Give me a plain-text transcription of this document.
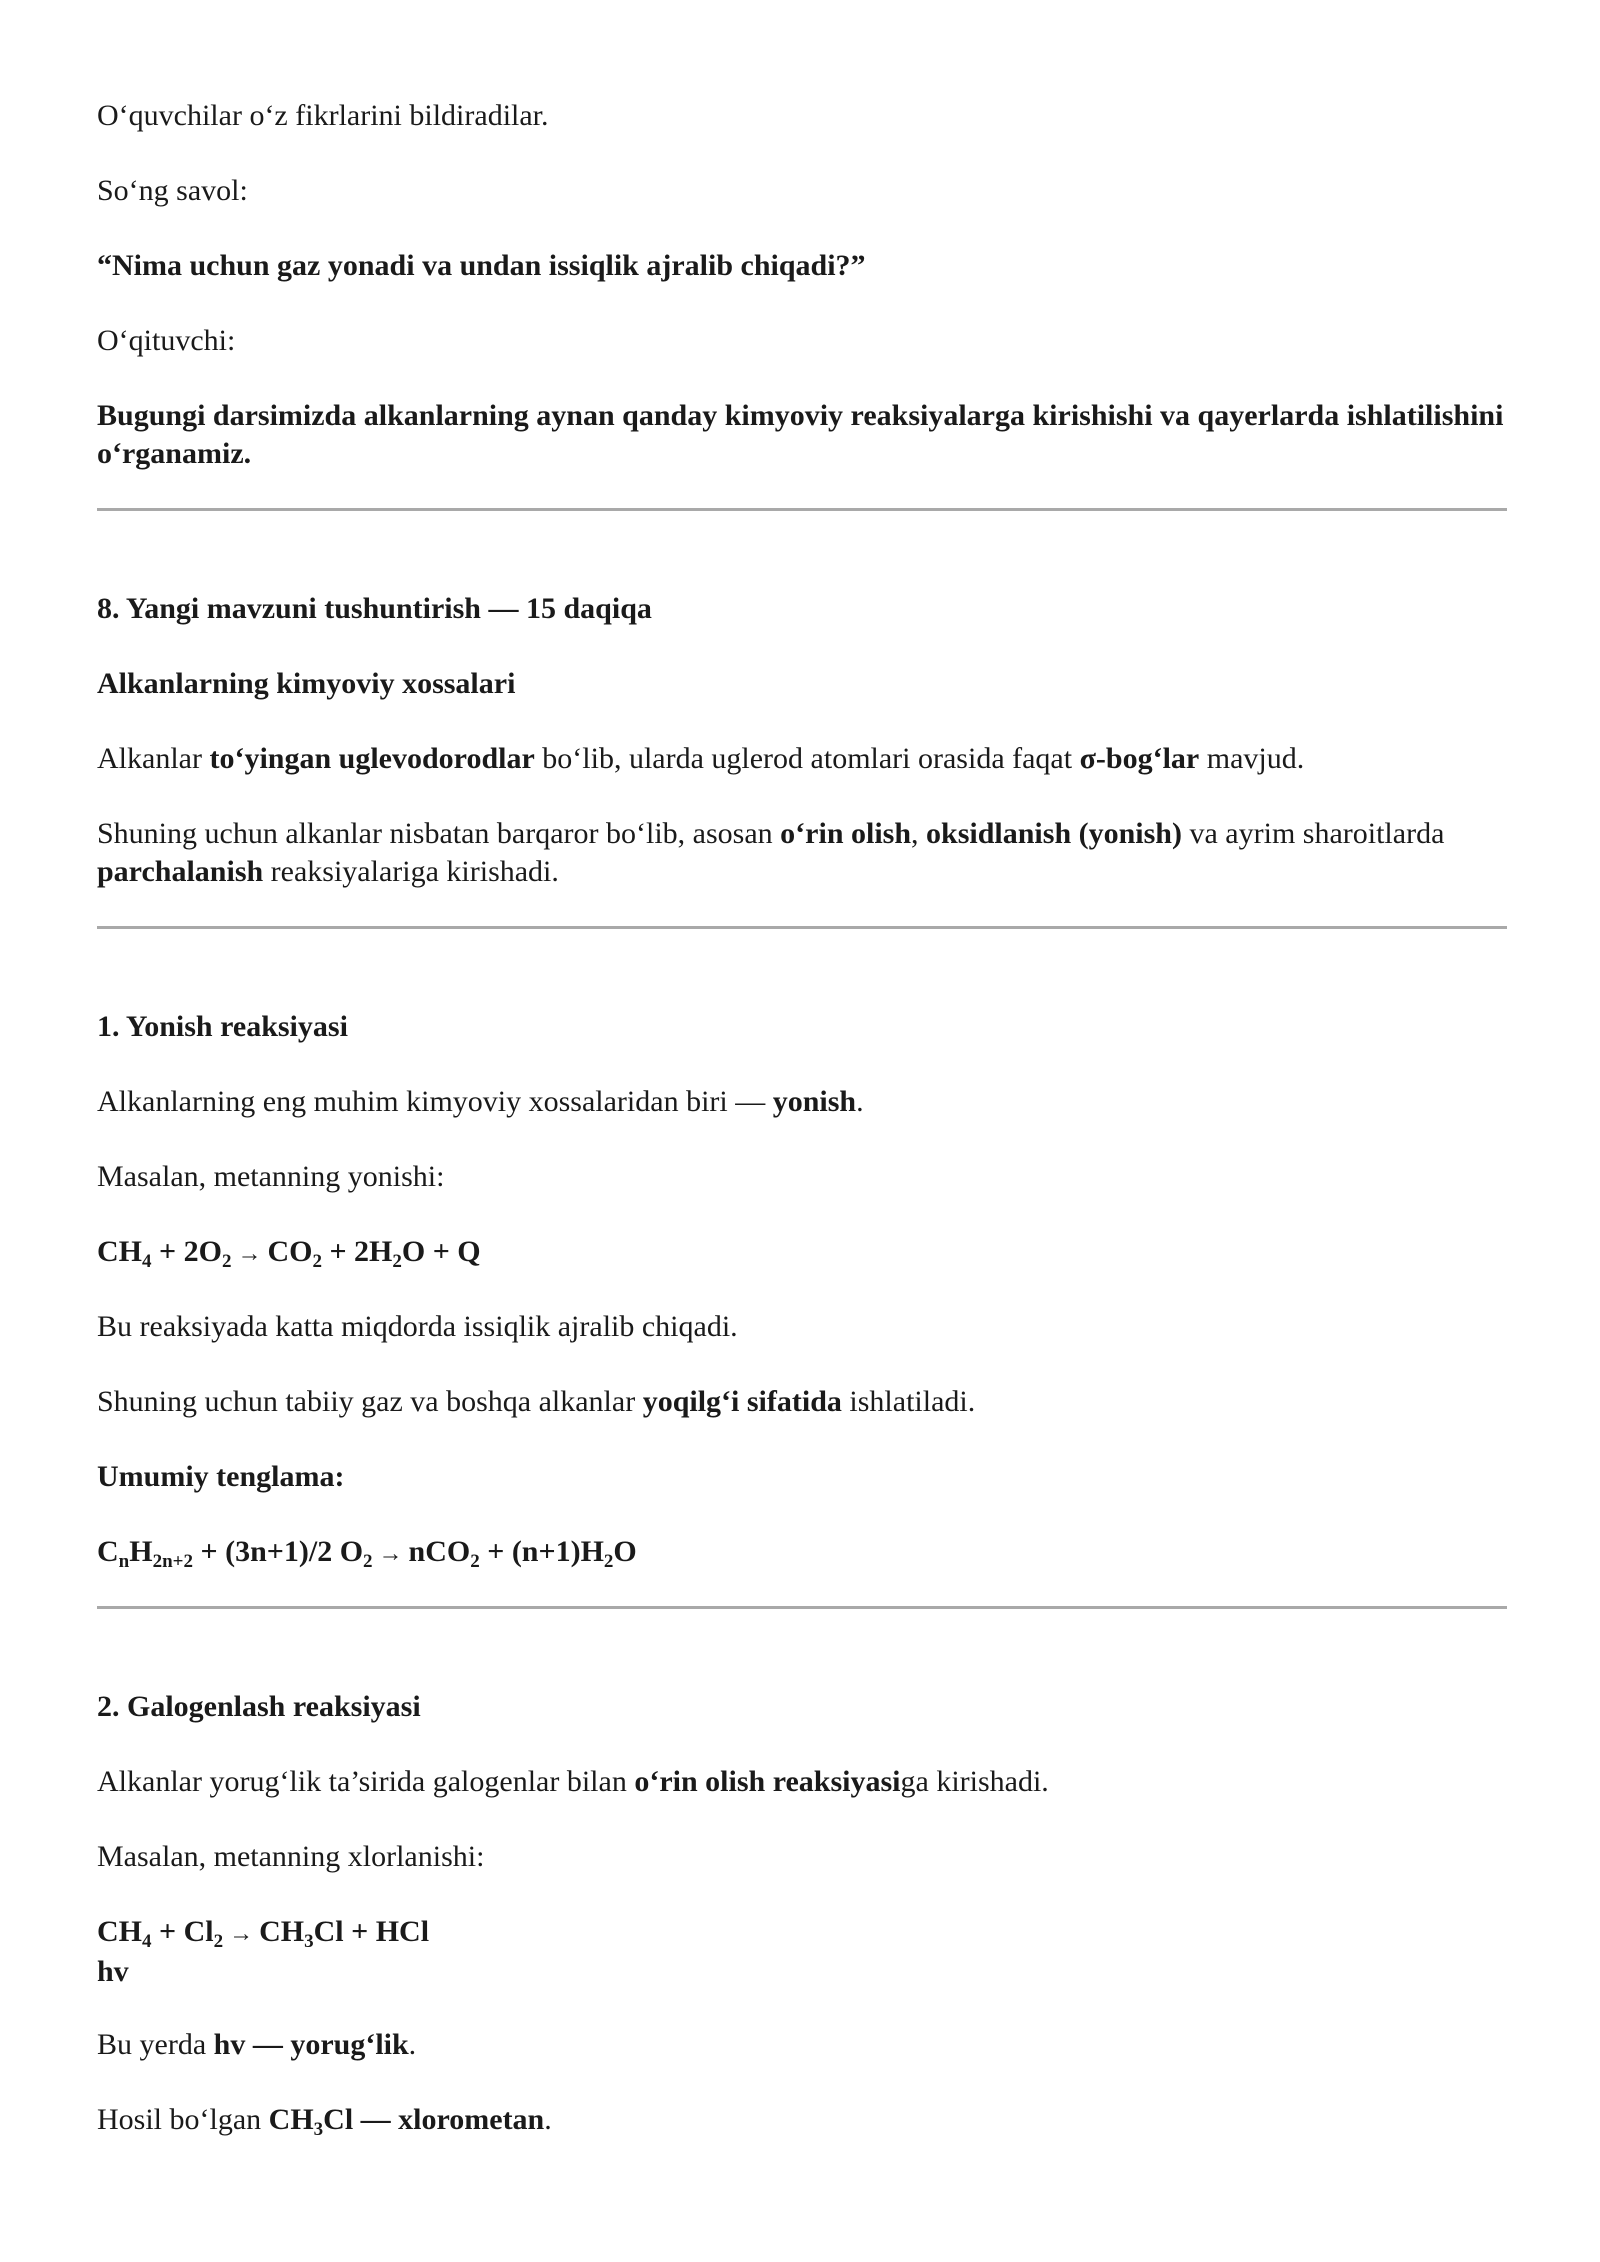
O‘quvchilar o‘z fikrlarini bildiradilar.

So‘ng savol:

“Nima uchun gaz yonadi va undan issiqlik ajralib chiqadi?”

O‘qituvchi:

Bugungi darsimizda alkanlarning aynan qanday kimyoviy reaksiyalarga kirishishi va qayerlarda ishlatilishini o‘rganamiz.

8. Yangi mavzuni tushuntirish — 15 daqiqa
Alkanlarning kimyoviy xossalari

Alkanlar to‘yingan uglevodorodlar bo‘lib, ularda uglerod atomlari orasida faqat σ-bog‘lar mavjud.

Shuning uchun alkanlar nisbatan barqaror bo‘lib, asosan o‘rin olish, oksidlanish (yonish) va ayrim sharoitlarda parchalanish reaksiyalariga kirishadi.

1. Yonish reaksiyasi

Alkanlarning eng muhim kimyoviy xossalaridan biri — yonish.

Masalan, metanning yonishi:

$CH_4 + 2O_2 \to CO_2 + 2H_2O + Q$

Bu reaksiyada katta miqdorda issiqlik ajralib chiqadi.

Shuning uchun tabiiy gaz va boshqa alkanlar yoqilg‘i sifatida ishlatiladi.

Umumiy tenglama:

$C_nH_{2n+2} + (3n+1)/2$ $O_2 \to nCO_2 + (n+1)H_2O$

2. Galogenlash reaksiyasi

Alkanlar yorug‘lik ta’sirida galogenlar bilan o‘rin olish reaksiyasiga kirishadi.

Masalan, metanning xlorlanishi:

$CH_4 + Cl_2 \to CH_3Cl$ + HCl
hv

Bu yerda hv — yorug‘lik.

Hosil bo‘lgan $CH_3Cl$ — xlorometan.
